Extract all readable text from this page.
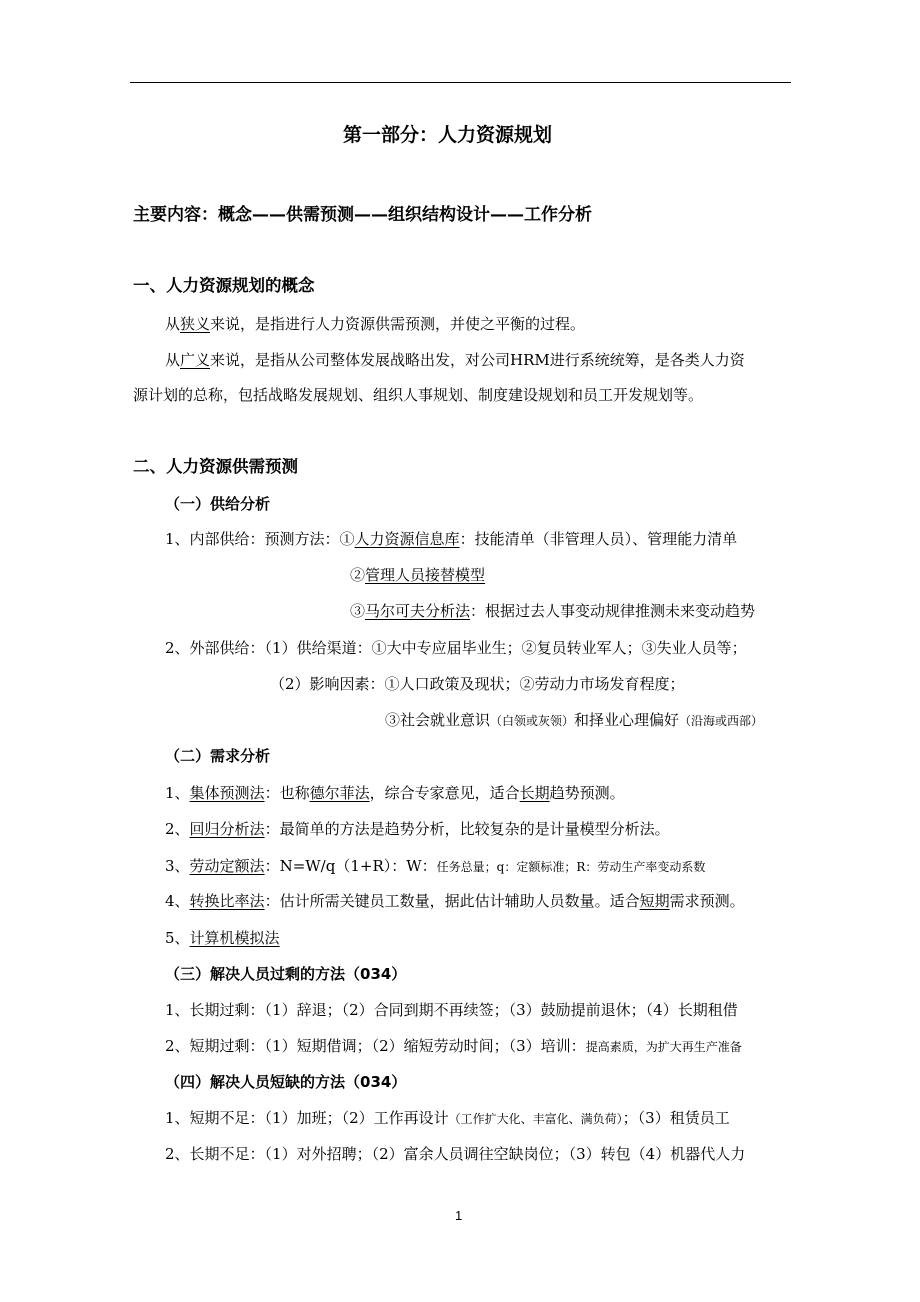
第一部分：人力资源规划
主要内容：概念——供需预测——组织结构设计——工作分析
一、人力资源规划的概念
从狭义来说，是指进行人力资源供需预测，并使之平衡的过程。
从广义来说，是指从公司整体发展战略出发，对公司HRM进行系统统筹，是各类人力资
源计划的总称，包括战略发展规划、组织人事规划、制度建设规划和员工开发规划等。
二、人力资源供需预测
（一）供给分析
1、内部供给：预测方法：①人力资源信息库：技能清单（非管理人员）、管理能力清单
②管理人员接替模型
③马尔可夫分析法：根据过去人事变动规律推测未来变动趋势
2、外部供给：（1）供给渠道：①大中专应届毕业生；②复员转业军人；③失业人员等；
（2）影响因素：①人口政策及现状；②劳动力市场发育程度；
③社会就业意识（白领或灰领）和择业心理偏好（沿海或西部）
（二）需求分析
1、集体预测法：也称德尔菲法，综合专家意见，适合长期趋势预测。
2、回归分析法：最简单的方法是趋势分析，比较复杂的是计量模型分析法。
3、劳动定额法：N=W/q（1+R）：W：任务总量；q：定额标准；R：劳动生产率变动系数
4、转换比率法：估计所需关键员工数量，据此估计辅助人员数量。适合短期需求预测。
5、计算机模拟法
（三）解决人员过剩的方法（034）
1、长期过剩：（1）辞退；（2）合同到期不再续签；（3）鼓励提前退休；（4）长期租借
2、短期过剩：（1）短期借调；（2）缩短劳动时间；（3）培训：提高素质，为扩大再生产准备
（四）解决人员短缺的方法（034）
1、短期不足：（1）加班；（2）工作再设计（工作扩大化、丰富化、满负荷）；（3）租赁员工
2、长期不足：（1）对外招聘；（2）富余人员调往空缺岗位；（3）转包（4）机器代人力
1
